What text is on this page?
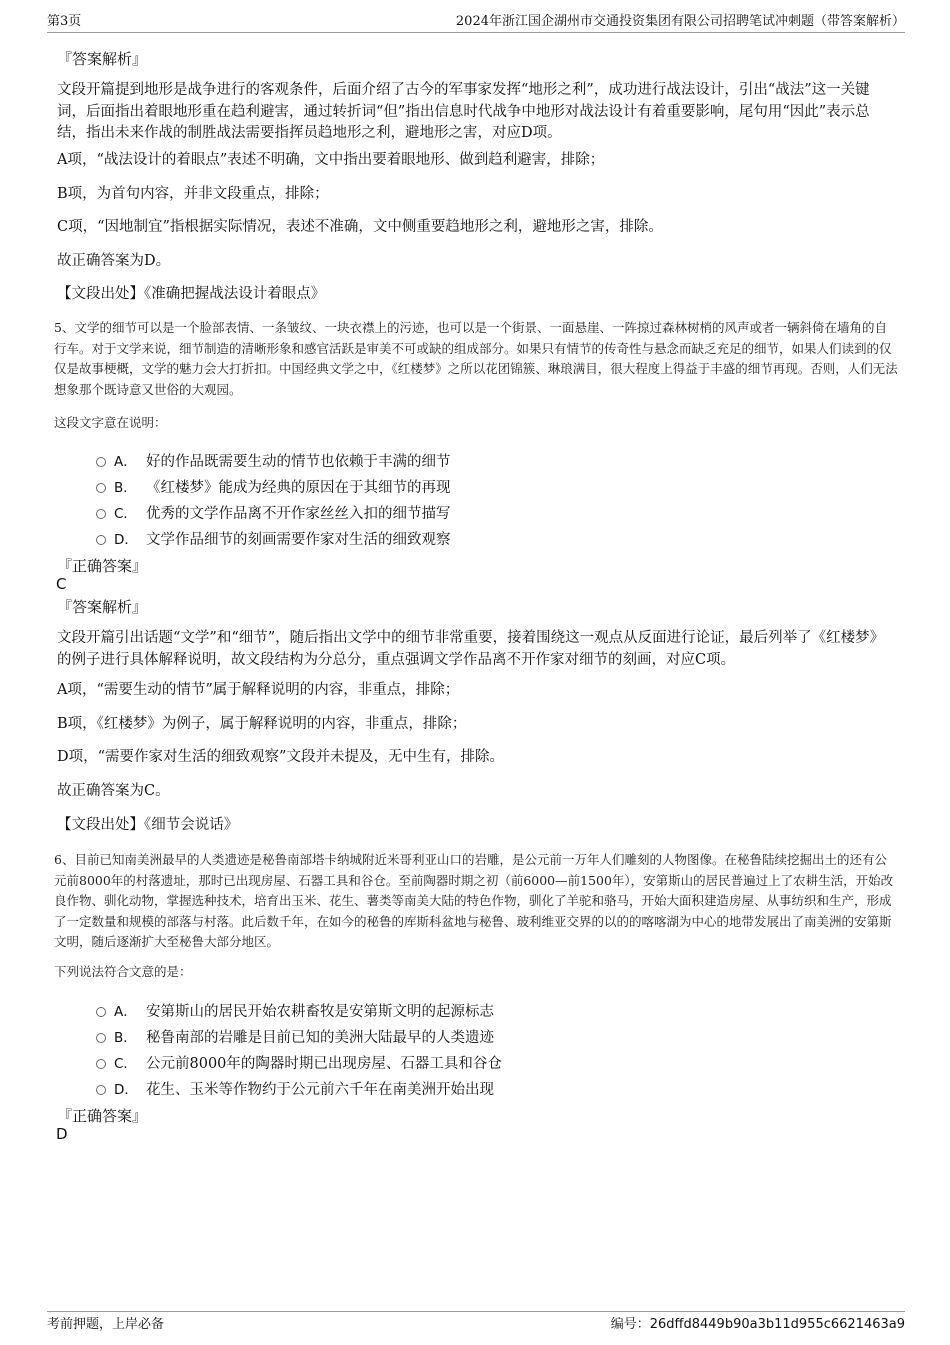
第3页	2024年浙江国企湖州市交通投资集团有限公司招聘笔试冲刺题（带答案解析）
『答案解析』
文段开篇提到地形是战争进行的客观条件，后面介绍了古今的军事家发挥“地形之利”，成功进行战法设计，引出“战法”这一关键词，后面指出着眼地形重在趋利避害，通过转折词“但”指出信息时代战争中地形对战法设计有着重要影响，尾句用“因此”表示总结，指出未来作战的制胜战法需要指挥员趋地形之利，避地形之害，对应D项。
A项，“战法设计的着眼点”表述不明确，文中指出要着眼地形、做到趋利避害，排除；
B项，为首句内容，并非文段重点，排除；
C项，“因地制宜”指根据实际情况，表述不准确，文中侧重要趋地形之利，避地形之害，排除。
故正确答案为D。
【文段出处】《准确把握战法设计着眼点》
5、文学的细节可以是一个脸部表情、一条皱纹、一块衣襟上的污迹，也可以是一个街景、一面悬崖、一阵掠过森林树梢的风声或者一辆斜倚在墙角的自行车。对于文学来说，细节制造的清晰形象和感官活跃是审美不可或缺的组成部分。如果只有情节的传奇性与悬念而缺乏充足的细节，如果人们读到的仅仅是故事梗概，文学的魅力会大打折扣。中国经典文学之中，《红楼梦》之所以花团锦簇、琳琅满目，很大程度上得益于丰盛的细节再现。否则，人们无法想象那个既诗意又世俗的大观园。
这段文字意在说明：
A． 好的作品既需要生动的情节也依赖于丰满的细节
B． 《红楼梦》能成为经典的原因在于其细节的再现
C． 优秀的文学作品离不开作家丝丝入扣的细节描写
D． 文学作品细节的刻画需要作家对生活的细致观察
『正确答案』
C
『答案解析』
文段开篇引出话题“文学”和“细节”，随后指出文学中的细节非常重要，接着围绕这一观点从反面进行论证，最后列举了《红楼梦》的例子进行具体解释说明，故文段结构为分总分，重点强调文学作品离不开作家对细节的刻画，对应C项。
A项，“需要生动的情节”属于解释说明的内容，非重点，排除；
B项，《红楼梦》为例子，属于解释说明的内容，非重点，排除；
D项，“需要作家对生活的细致观察”文段并未提及，无中生有，排除。
故正确答案为C。
【文段出处】《细节会说话》
6、目前已知南美洲最早的人类遗迹是秘鲁南部塔卡纳城附近米哥利亚山口的岩雕，是公元前一万年人们雕刻的人物图像。在秘鲁陆续挖掘出土的还有公元前8000年的村落遗址，那时已出现房屋、石器工具和谷仓。至前陶器时期之初（前6000—前1500年），安第斯山的居民普遍过上了农耕生活，开始改良作物、驯化动物，掌握选种技术，培育出玉米、花生、薯类等南美大陆的特色作物，驯化了羊驼和骆马，开始大面积建造房屋、从事纺织和生产，形成了一定数量和规模的部落与村落。此后数千年，在如今的秘鲁的库斯科盆地与秘鲁、玻利维亚交界的以的的喀喀湖为中心的地带发展出了南美洲的安第斯文明，随后逐渐扩大至秘鲁大部分地区。
下列说法符合文意的是：
A． 安第斯山的居民开始农耕畜牧是安第斯文明的起源标志
B． 秘鲁南部的岩雕是目前已知的美洲大陆最早的人类遗迹
C． 公元前8000年的陶器时期已出现房屋、石器工具和谷仓
D． 花生、玉米等作物约于公元前六千年在南美洲开始出现
『正确答案』
D
考前押题，上岸必备	编号：26dffd8449b90a3b11d955c6621463a9
